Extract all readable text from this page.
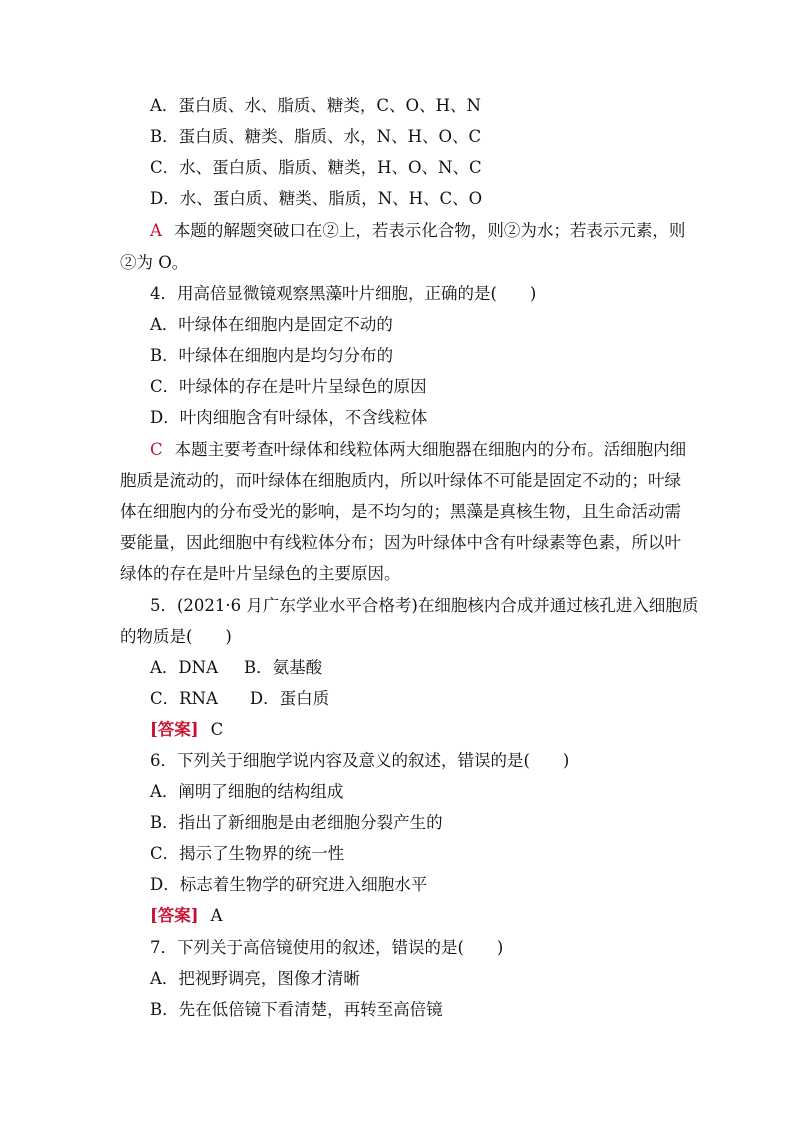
A．蛋白质、水、脂质、糖类，C、O、H、N
B．蛋白质、糖类、脂质、水，N、H、O、C
C．水、蛋白质、脂质、糖类，H、O、N、C
D．水、蛋白质、糖类、脂质，N、H、C、O
A 本题的解题突破口在②上，若表示化合物，则②为水；若表示元素，则
②为 O。
4．用高倍显微镜观察黑藻叶片细胞，正确的是(　　)
A．叶绿体在细胞内是固定不动的
B．叶绿体在细胞内是均匀分布的
C．叶绿体的存在是叶片呈绿色的原因
D．叶肉细胞含有叶绿体，不含线粒体
C 本题主要考查叶绿体和线粒体两大细胞器在细胞内的分布。活细胞内细
胞质是流动的，而叶绿体在细胞质内，所以叶绿体不可能是固定不动的；叶绿
体在细胞内的分布受光的影响，是不均匀的；黑藻是真核生物，且生命活动需
要能量，因此细胞中有线粒体分布；因为叶绿体中含有叶绿素等色素，所以叶
绿体的存在是叶片呈绿色的主要原因。
5．(2021·6 月广东学业水平合格考)在细胞核内合成并通过核孔进入细胞质
的物质是(　　)
A．DNA B．氨基酸
C．RNA D．蛋白质
[答案] C
6．下列关于细胞学说内容及意义的叙述，错误的是(　　)
A．阐明了细胞的结构组成
B．指出了新细胞是由老细胞分裂产生的
C．揭示了生物界的统一性
D．标志着生物学的研究进入细胞水平
[答案] A
7．下列关于高倍镜使用的叙述，错误的是(　　)
A．把视野调亮，图像才清晰
B．先在低倍镜下看清楚，再转至高倍镜
